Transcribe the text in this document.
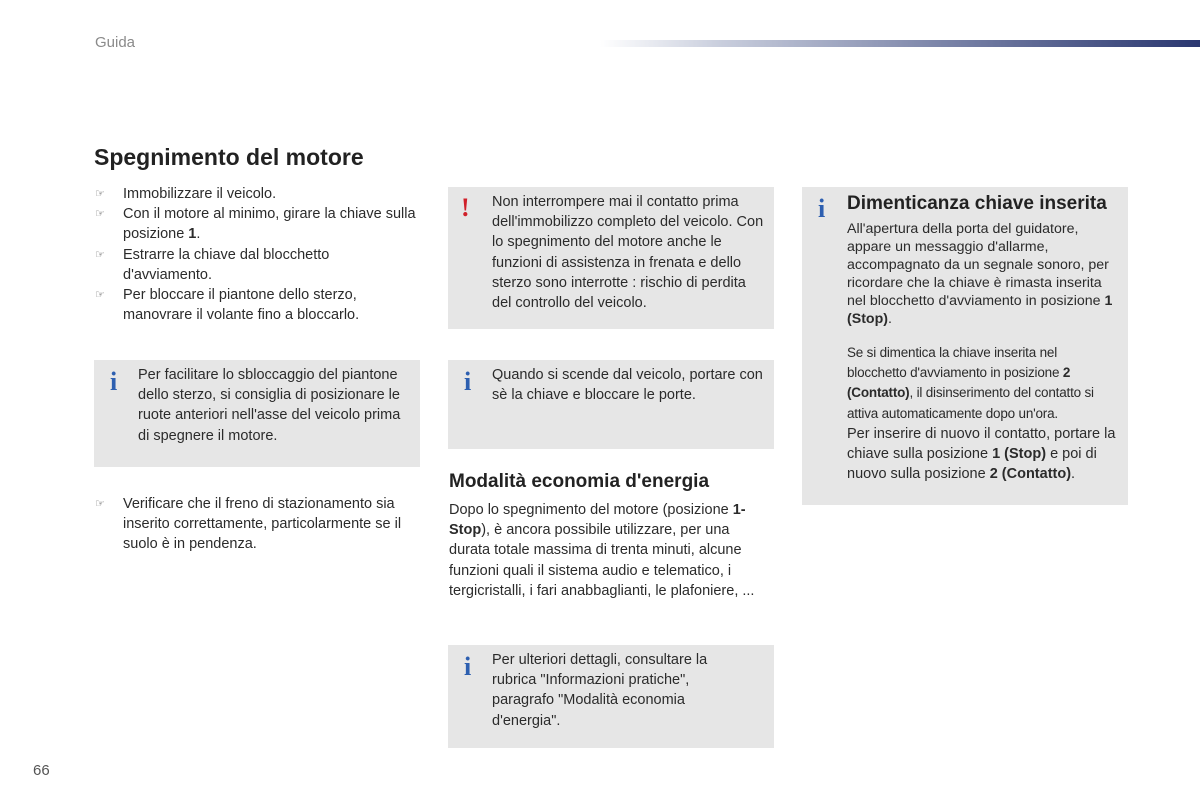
Guida
Spegnimento del motore
☞ Immobilizzare il veicolo.
☞ Con il motore al minimo, girare la chiave sulla posizione 1.
☞ Estrarre la chiave dal blocchetto d'avviamento.
☞ Per bloccare il piantone dello sterzo, manovrare il volante fino a bloccarlo.
i Per facilitare lo sbloccaggio del piantone dello sterzo, si consiglia di posizionare le ruote anteriori nell'asse del veicolo prima di spegnere il motore.
☞ Verificare che il freno di stazionamento sia inserito correttamente, particolarmente se il suolo è in pendenza.
! Non interrompere mai il contatto prima dell'immobilizzo completo del veicolo. Con lo spegnimento del motore anche le funzioni di assistenza in frenata e dello sterzo sono interrotte : rischio di perdita del controllo del veicolo.
i Quando si scende dal veicolo, portare con sè la chiave e bloccare le porte.
Modalità economia d'energia
Dopo lo spegnimento del motore (posizione 1-Stop), è ancora possibile utilizzare, per una durata totale massima di trenta minuti, alcune funzioni quali il sistema audio e telematico, i tergicristalli, i fari anabbaglianti, le plafoniere, ...
i Per ulteriori dettagli, consultare la rubrica "Informazioni pratiche", paragrafo "Modalità economia d'energia".
i Dimenticanza chiave inserita
All'apertura della porta del guidatore, appare un messaggio d'allarme, accompagnato da un segnale sonoro, per ricordare che la chiave è rimasta inserita nel blocchetto d'avviamento in posizione 1 (Stop).
Se si dimentica la chiave inserita nel blocchetto d'avviamento in posizione 2 (Contatto), il disinserimento del contatto si attiva automaticamente dopo un'ora.
Per inserire di nuovo il contatto, portare la chiave sulla posizione 1 (Stop) e poi di nuovo sulla posizione 2 (Contatto).
66
